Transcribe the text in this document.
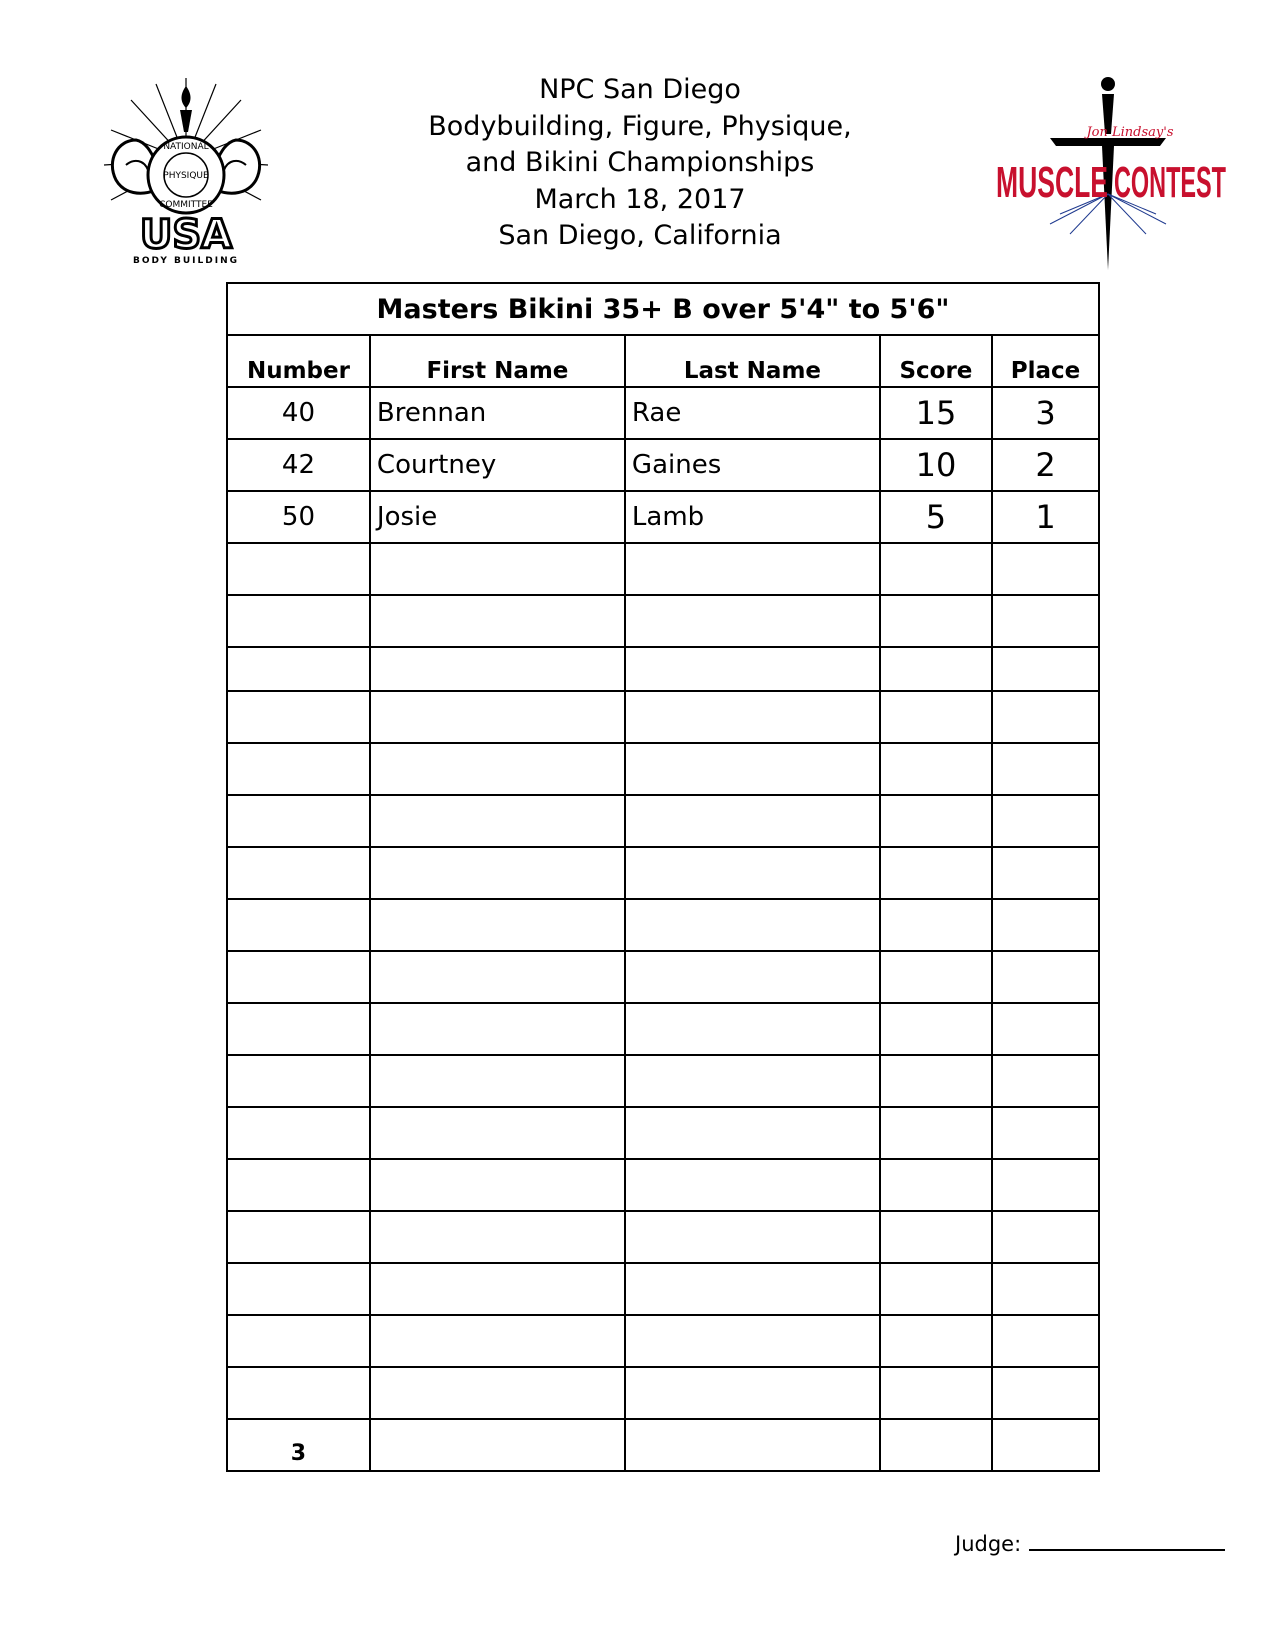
NATIONAL
PHYSIQUE
COMMITTEE
USA
BODY BUILDING
NPC San Diego
Bodybuilding, Figure, Physique,
and Bikini Championships
March 18, 2017
San Diego, California
Jon Lindsay's
MUSCLE CONTEST
Masters Bikini 35+ B over 5'4" to 5'6"				
Number	First Name	Last Name	Score	Place
40	Brennan	Rae	15	3
42	Courtney	Gaines	10	2
50	Josie	Lamb	5	1

3				
Judge:
